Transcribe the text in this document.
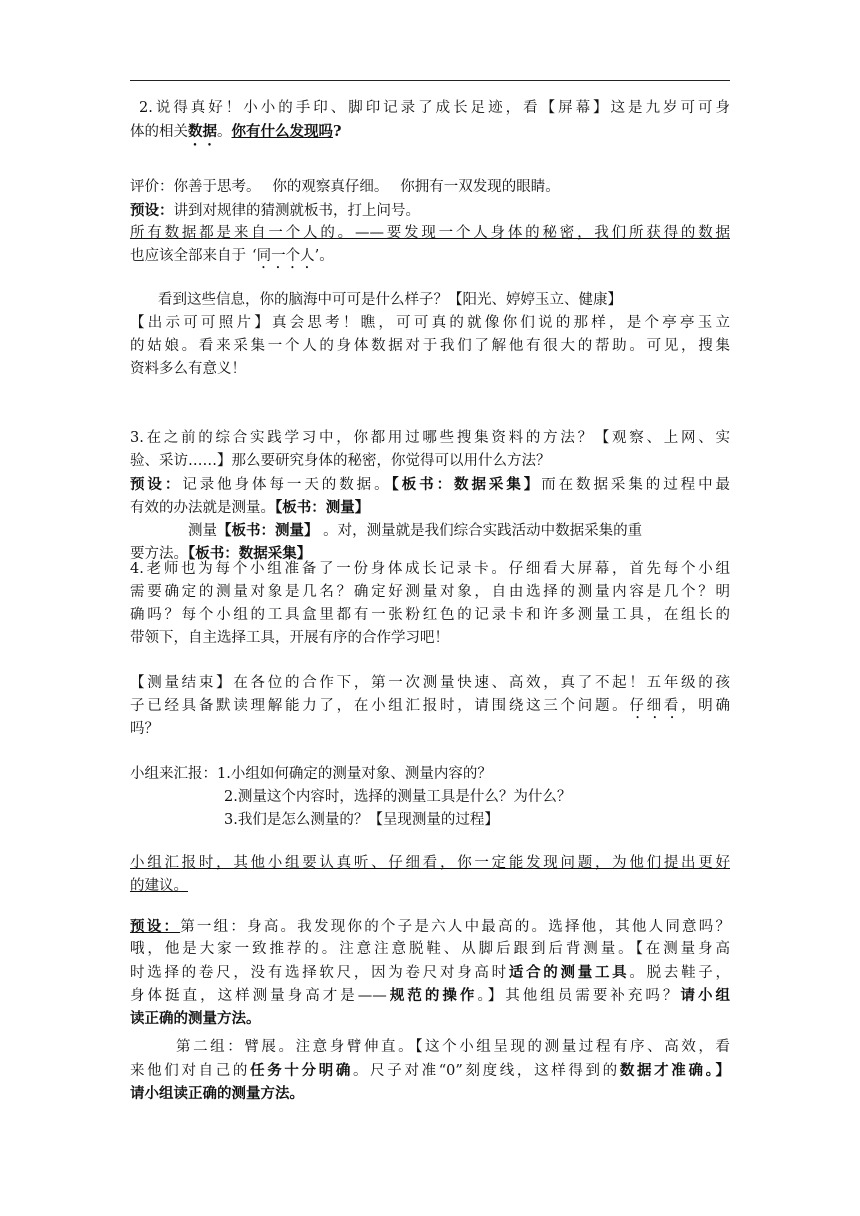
2.说得真好！小小的手印、脚印记录了成长足迹，看【屏幕】这是九岁可可身
体的相关数据。你有什么发现吗?
评价：你善于思考。　 你的观察真仔细。　 你拥有一双发现的眼睛。
预设：讲到对规律的猜测就板书，打上问号。
所有数据都是来自一个人的。——要发现一个人身体的秘密，我们所获得的数据
也应该全部来自于 ‘同一个人’。
看到这些信息，你的脑海中可可是什么样子？【阳光、婷婷玉立、健康】
【出示可可照片】真会思考！瞧，可可真的就像你们说的那样，是个亭亭玉立
的姑娘。看来采集一个人的身体数据对于我们了解他有很大的帮助。可见，搜集
资料多么有意义！
3.在之前的综合实践学习中，你都用过哪些搜集资料的方法？【观察、上网、实
验、采访……】那么要研究身体的秘密，你觉得可以用什么方法？
预设：记录他身体每一天的数据。【板书：数据采集】而在数据采集的过程中最
有效的办法就是测量。【板书：测量】
测量【板书：测量】 。对，测量就是我们综合实践活动中数据采集的重
要方法。【板书：数据采集】
4.老师也为每个小组准备了一份身体成长记录卡。仔细看大屏幕，首先每个小组
需要确定的测量对象是几名？确定好测量对象，自由选择的测量内容是几个？明
确吗？每个小组的工具盒里都有一张粉红色的记录卡和许多测量工具，在组长的
带领下，自主选择工具，开展有序的合作学习吧！
【测量结束】在各位的合作下，第一次测量快速、高效，真了不起！五年级的孩
子已经具备默读理解能力了，在小组汇报时，请围绕这三个问题。仔细看，明确
吗？
小组来汇报：1.小组如何确定的测量对象、测量内容的？
2.测量这个内容时，选择的测量工具是什么？为什么？
3.我们是怎么测量的？【呈现测量的过程】
小组汇报时，其他小组要认真听、仔细看，你一定能发现问题，为他们提出更好
的建议。
预设：第一组：身高。我发现你的个子是六人中最高的。选择他，其他人同意吗？
哦，他是大家一致推荐的。注意注意脱鞋、从脚后跟到后背测量。【在测量身高
时选择的卷尺，没有选择软尺，因为卷尺对身高时适合的测量工具。脱去鞋子，
身体挺直，这样测量身高才是——规范的操作。】其他组员需要补充吗？请小组
读正确的测量方法。
第二组：臂展。注意身臂伸直。【这个小组呈现的测量过程有序、高效，看
来他们对自己的任务十分明确。尺子对准“0”刻度线，这样得到的数据才准确。】
请小组读正确的测量方法。
